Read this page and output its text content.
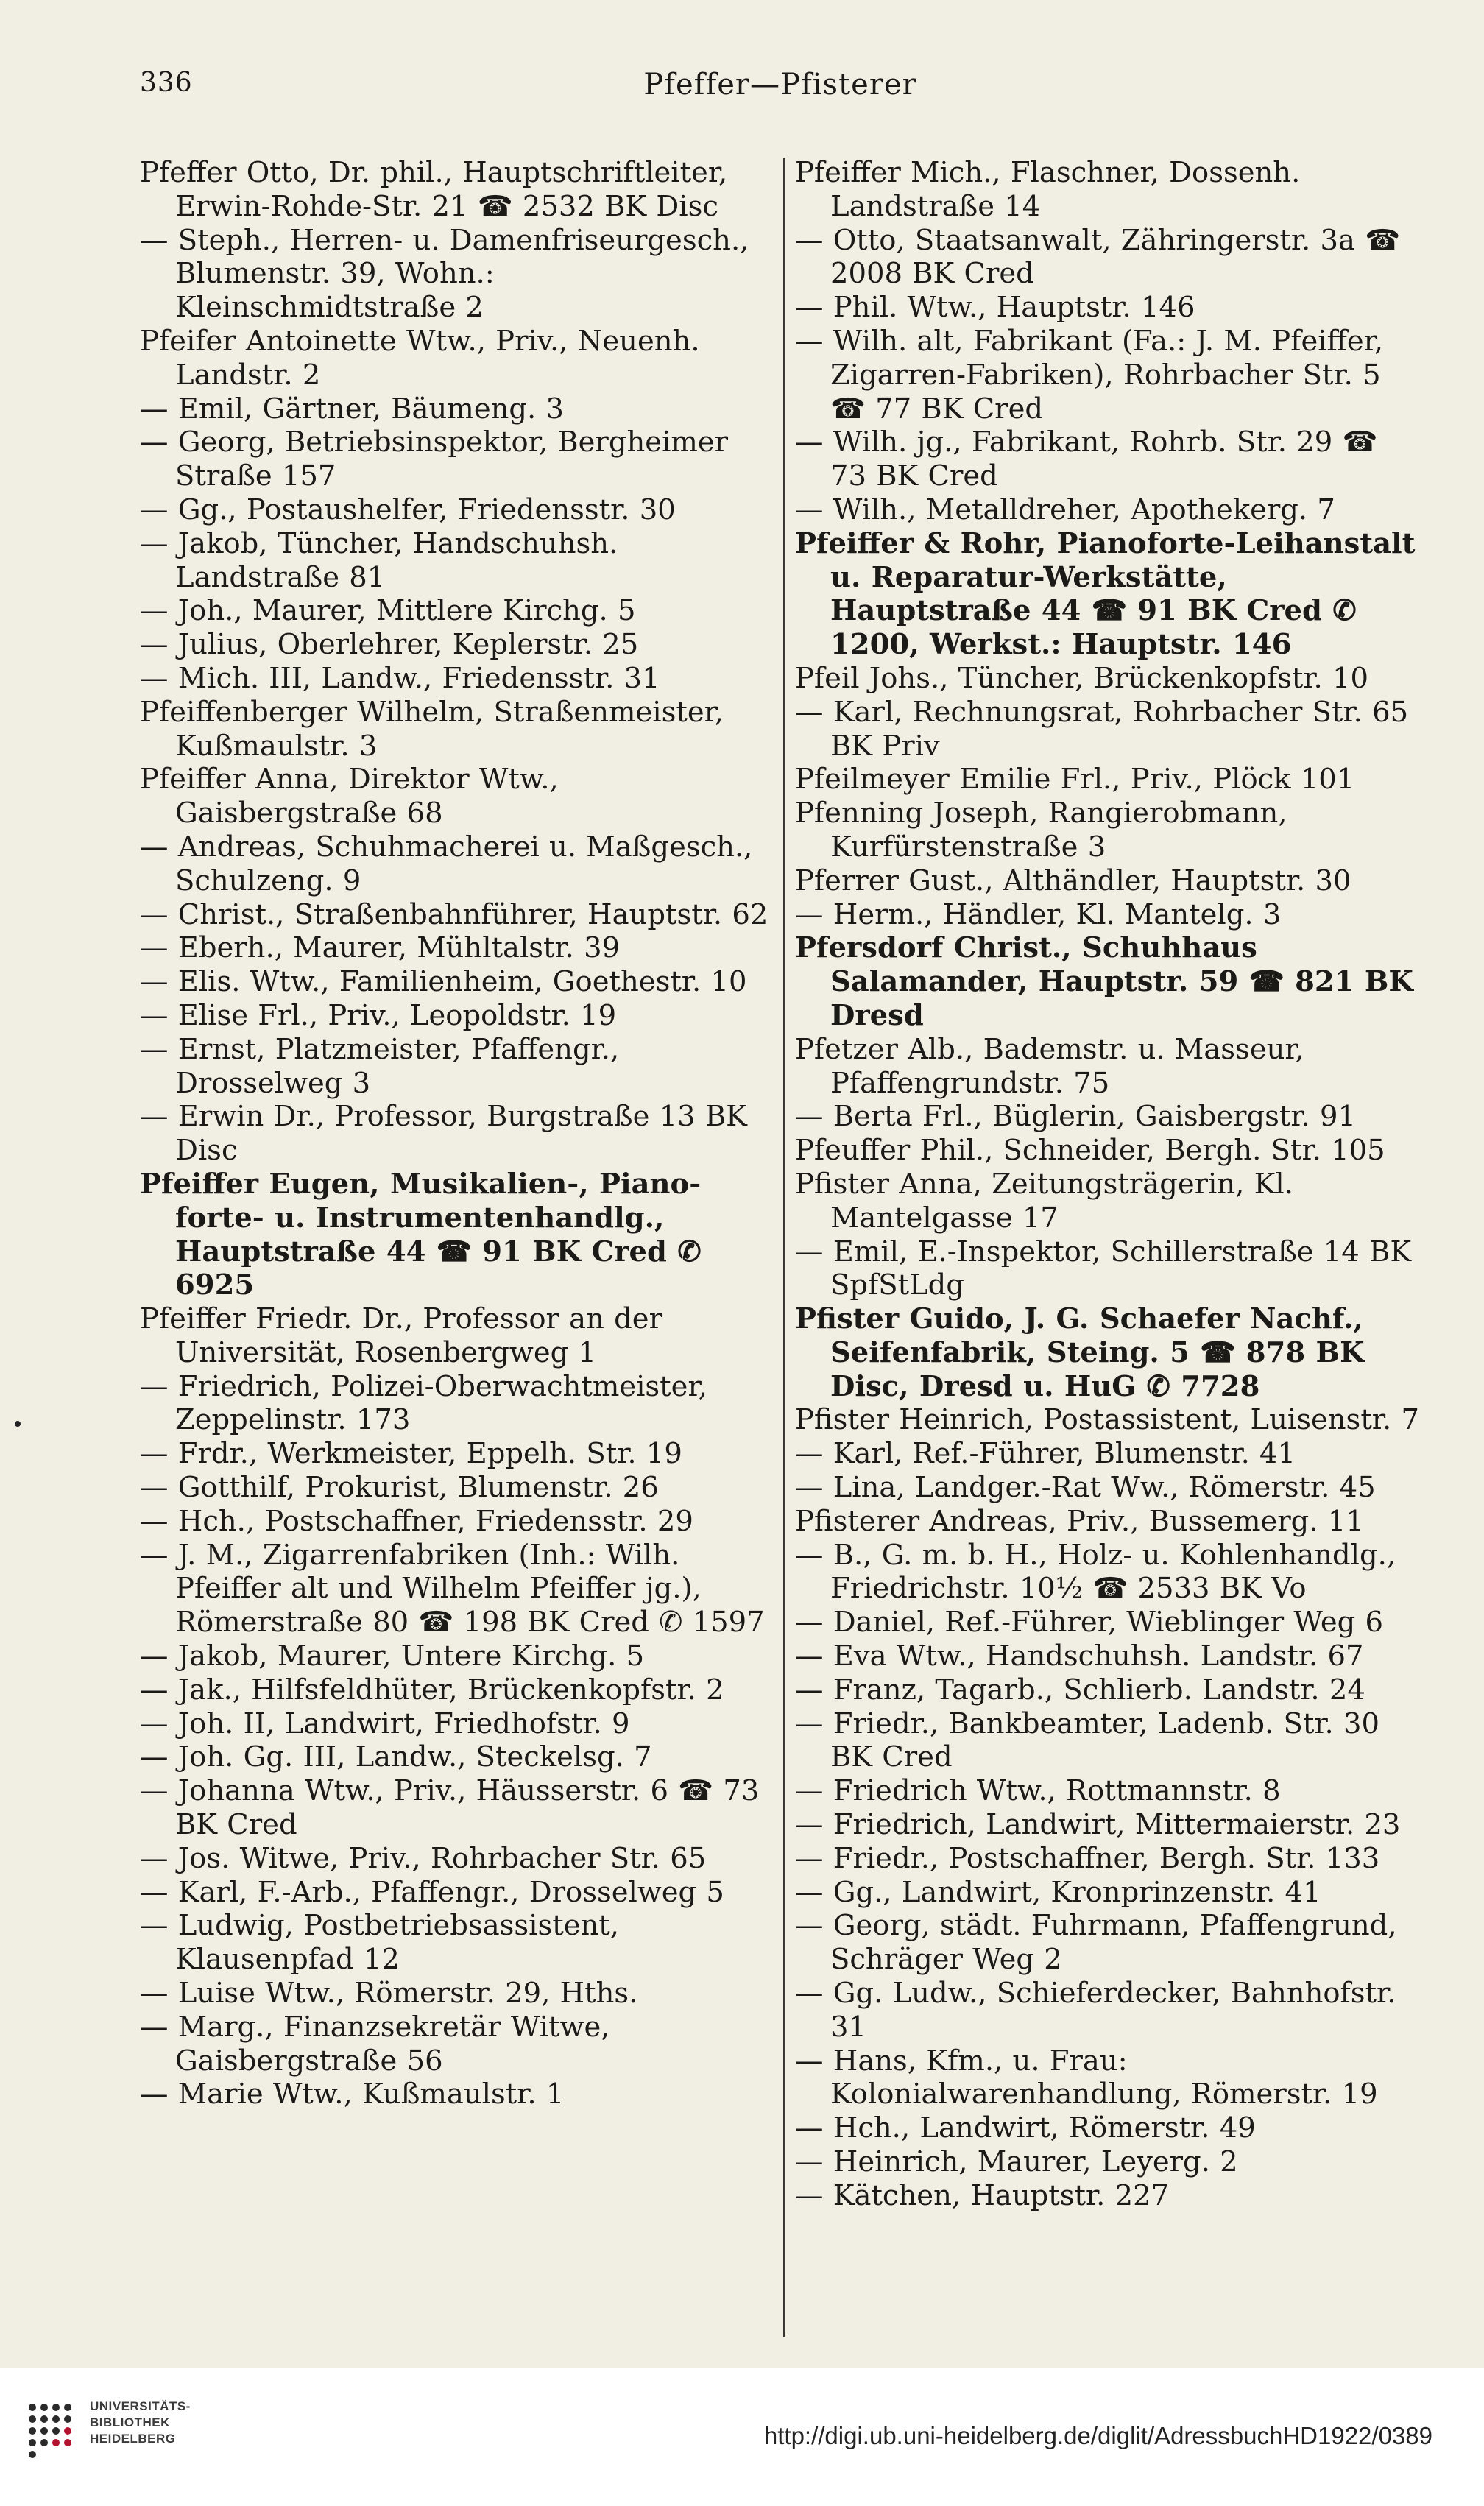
336	Pfeffer—Pfisterer

Pfeffer Otto, Dr. phil., Hauptschriftleiter, Erwin-Rohde-Str. 21 ☎ 2532 BK Disc

— Steph., Herren- u. Damenfriseurgesch., Blumenstr. 39, Wohn.: Kleinschmidtstraße 2

Pfeifer Antoinette Wtw., Priv., Neuenh. Landstr. 2

— Emil, Gärtner, Bäumeng. 3

— Georg, Betriebsinspektor, Bergheimer Straße 157

— Gg., Postaushelfer, Friedensstr. 30

— Jakob, Tüncher, Handschuhsh. Landstraße 81

— Joh., Maurer, Mittlere Kirchg. 5

— Julius, Oberlehrer, Keplerstr. 25

— Mich. III, Landw., Friedensstr. 31

Pfeiffenberger Wilhelm, Straßenmeister, Kußmaulstr. 3

Pfeiffer Anna, Direktor Wtw., Gaisbergstraße 68

— Andreas, Schuhmacherei u. Maßgesch., Schulzeng. 9

— Christ., Straßenbahnführer, Hauptstr. 62

— Eberh., Maurer, Mühltalstr. 39

— Elis. Wtw., Familienheim, Goethestr. 10

— Elise Frl., Priv., Leopoldstr. 19

— Ernst, Platzmeister, Pfaffengr., Drosselweg 3

— Erwin Dr., Professor, Burgstraße 13 BK Disc

Pfeiffer Eugen, Musikalien-, Piano- forte- u. Instrumentenhandlg., Hauptstraße 44 ☎ 91 BK Cred ✆ 6925

Pfeiffer Friedr. Dr., Professor an der Universität, Rosenbergweg 1

— Friedrich, Polizei-Oberwachtmeister, Zeppelinstr. 173

— Frdr., Werkmeister, Eppelh. Str. 19

— Gotthilf, Prokurist, Blumenstr. 26

— Hch., Postschaffner, Friedensstr. 29

— J. M., Zigarrenfabriken (Inh.: Wilh. Pfeiffer alt und Wilhelm Pfeiffer jg.), Römerstraße 80 ☎ 198 BK Cred ✆ 1597

— Jakob, Maurer, Untere Kirchg. 5

— Jak., Hilfsfeldhüter, Brückenkopfstr. 2

— Joh. II, Landwirt, Friedhofstr. 9

— Joh. Gg. III, Landw., Steckelsg. 7

— Johanna Wtw., Priv., Häusserstr. 6 ☎ 73 BK Cred

— Jos. Witwe, Priv., Rohrbacher Str. 65

— Karl, F.-Arb., Pfaffengr., Drosselweg 5

— Ludwig, Postbetriebsassistent, Klausenpfad 12

— Luise Wtw., Römerstr. 29, Hths.

— Marg., Finanzsekretär Witwe, Gaisbergstraße 56

— Marie Wtw., Kußmaulstr. 1

Pfeiffer Mich., Flaschner, Dossenh. Landstraße 14

— Otto, Staatsanwalt, Zähringerstr. 3a ☎ 2008 BK Cred

— Phil. Wtw., Hauptstr. 146

— Wilh. alt, Fabrikant (Fa.: J. M. Pfeiffer, Zigarren-Fabriken), Rohrbacher Str. 5 ☎ 77 BK Cred

— Wilh. jg., Fabrikant, Rohrb. Str. 29 ☎ 73 BK Cred

— Wilh., Metalldreher, Apothekerg. 7

Pfeiffer & Rohr, Pianoforte-Leihanstalt u. Reparatur-Werkstätte, Hauptstraße 44 ☎ 91 BK Cred ✆ 1200, Werkst.: Hauptstr. 146

Pfeil Johs., Tüncher, Brückenkopfstr. 10

— Karl, Rechnungsrat, Rohrbacher Str. 65 BK Priv

Pfeilmeyer Emilie Frl., Priv., Plöck 101

Pfenning Joseph, Rangierobmann, Kurfürstenstraße 3

Pferrer Gust., Althändler, Hauptstr. 30

— Herm., Händler, Kl. Mantelg. 3

Pfersdorf Christ., Schuhhaus Salamander, Hauptstr. 59 ☎ 821 BK Dresd

Pfetzer Alb., Bademstr. u. Masseur, Pfaffengrundstr. 75

— Berta Frl., Büglerin, Gaisbergstr. 91

Pfeuffer Phil., Schneider, Bergh. Str. 105

Pfister Anna, Zeitungsträgerin, Kl. Mantelgasse 17

— Emil, E.-Inspektor, Schillerstraße 14 BK SpfStLdg

Pfister Guido, J. G. Schaefer Nachf., Seifenfabrik, Steing. 5 ☎ 878 BK Disc, Dresd u. HuG ✆ 7728

Pfister Heinrich, Postassistent, Luisenstr. 7

— Karl, Ref.-Führer, Blumenstr. 41

— Lina, Landger.-Rat Ww., Römerstr. 45

Pfisterer Andreas, Priv., Bussemerg. 11

— B., G. m. b. H., Holz- u. Kohlenhandlg., Friedrichstr. 10½ ☎ 2533 BK Vo

— Daniel, Ref.-Führer, Wieblinger Weg 6

— Eva Wtw., Handschuhsh. Landstr. 67

— Franz, Tagarb., Schlierb. Landstr. 24

— Friedr., Bankbeamter, Ladenb. Str. 30 BK Cred

— Friedrich Wtw., Rottmannstr. 8

— Friedrich, Landwirt, Mittermaierstr. 23

— Friedr., Postschaffner, Bergh. Str. 133

— Gg., Landwirt, Kronprinzenstr. 41

— Georg, städt. Fuhrmann, Pfaffengrund, Schräger Weg 2

— Gg. Ludw., Schieferdecker, Bahnhofstr. 31

— Hans, Kfm., u. Frau: Kolonialwarenhandlung, Römerstr. 19

— Hch., Landwirt, Römerstr. 49

— Heinrich, Maurer, Leyerg. 2

— Kätchen, Hauptstr. 227

UNIVERSITÄTS-
BIBLIOTHEK
HEIDELBERG	http://digi.ub.uni-heidelberg.de/diglit/AdressbuchHD1922/0389
